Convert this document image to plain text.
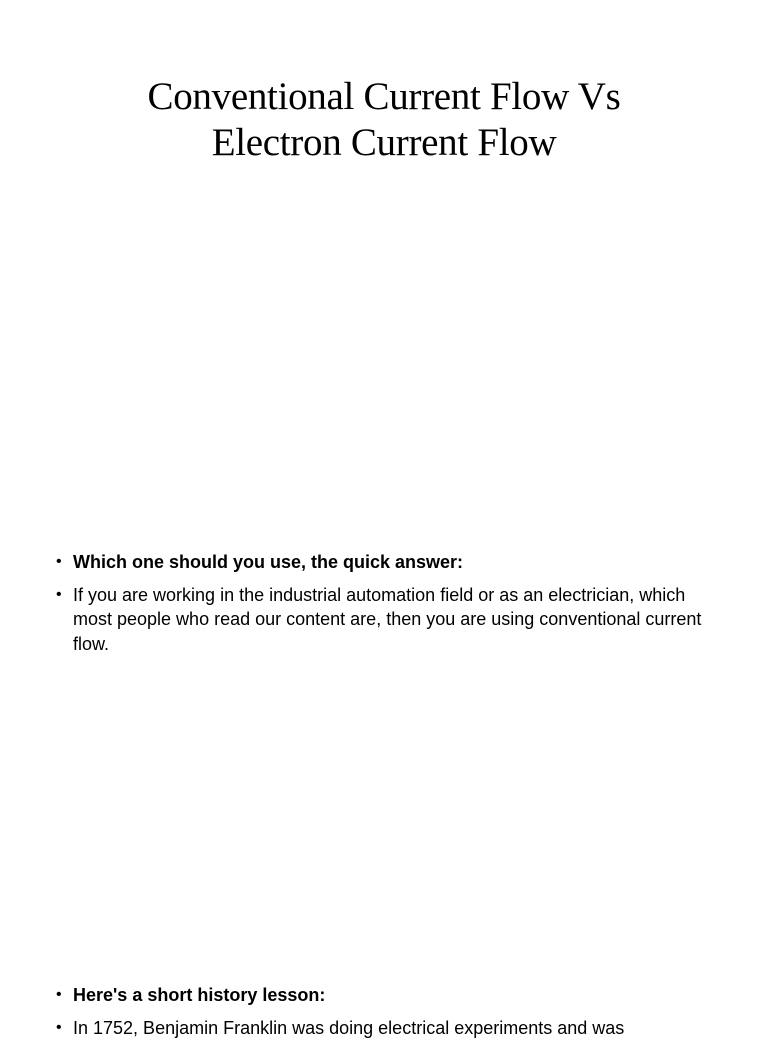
Conventional Current Flow Vs
Electron Current Flow
• Which one should you use, the quick answer:
• If you are working in the industrial automation field or as an electrician, which most people who read our content are, then you are using conventional current flow.
• Here's a short history lesson:
• In 1752, Benjamin Franklin was doing electrical experiments and was
